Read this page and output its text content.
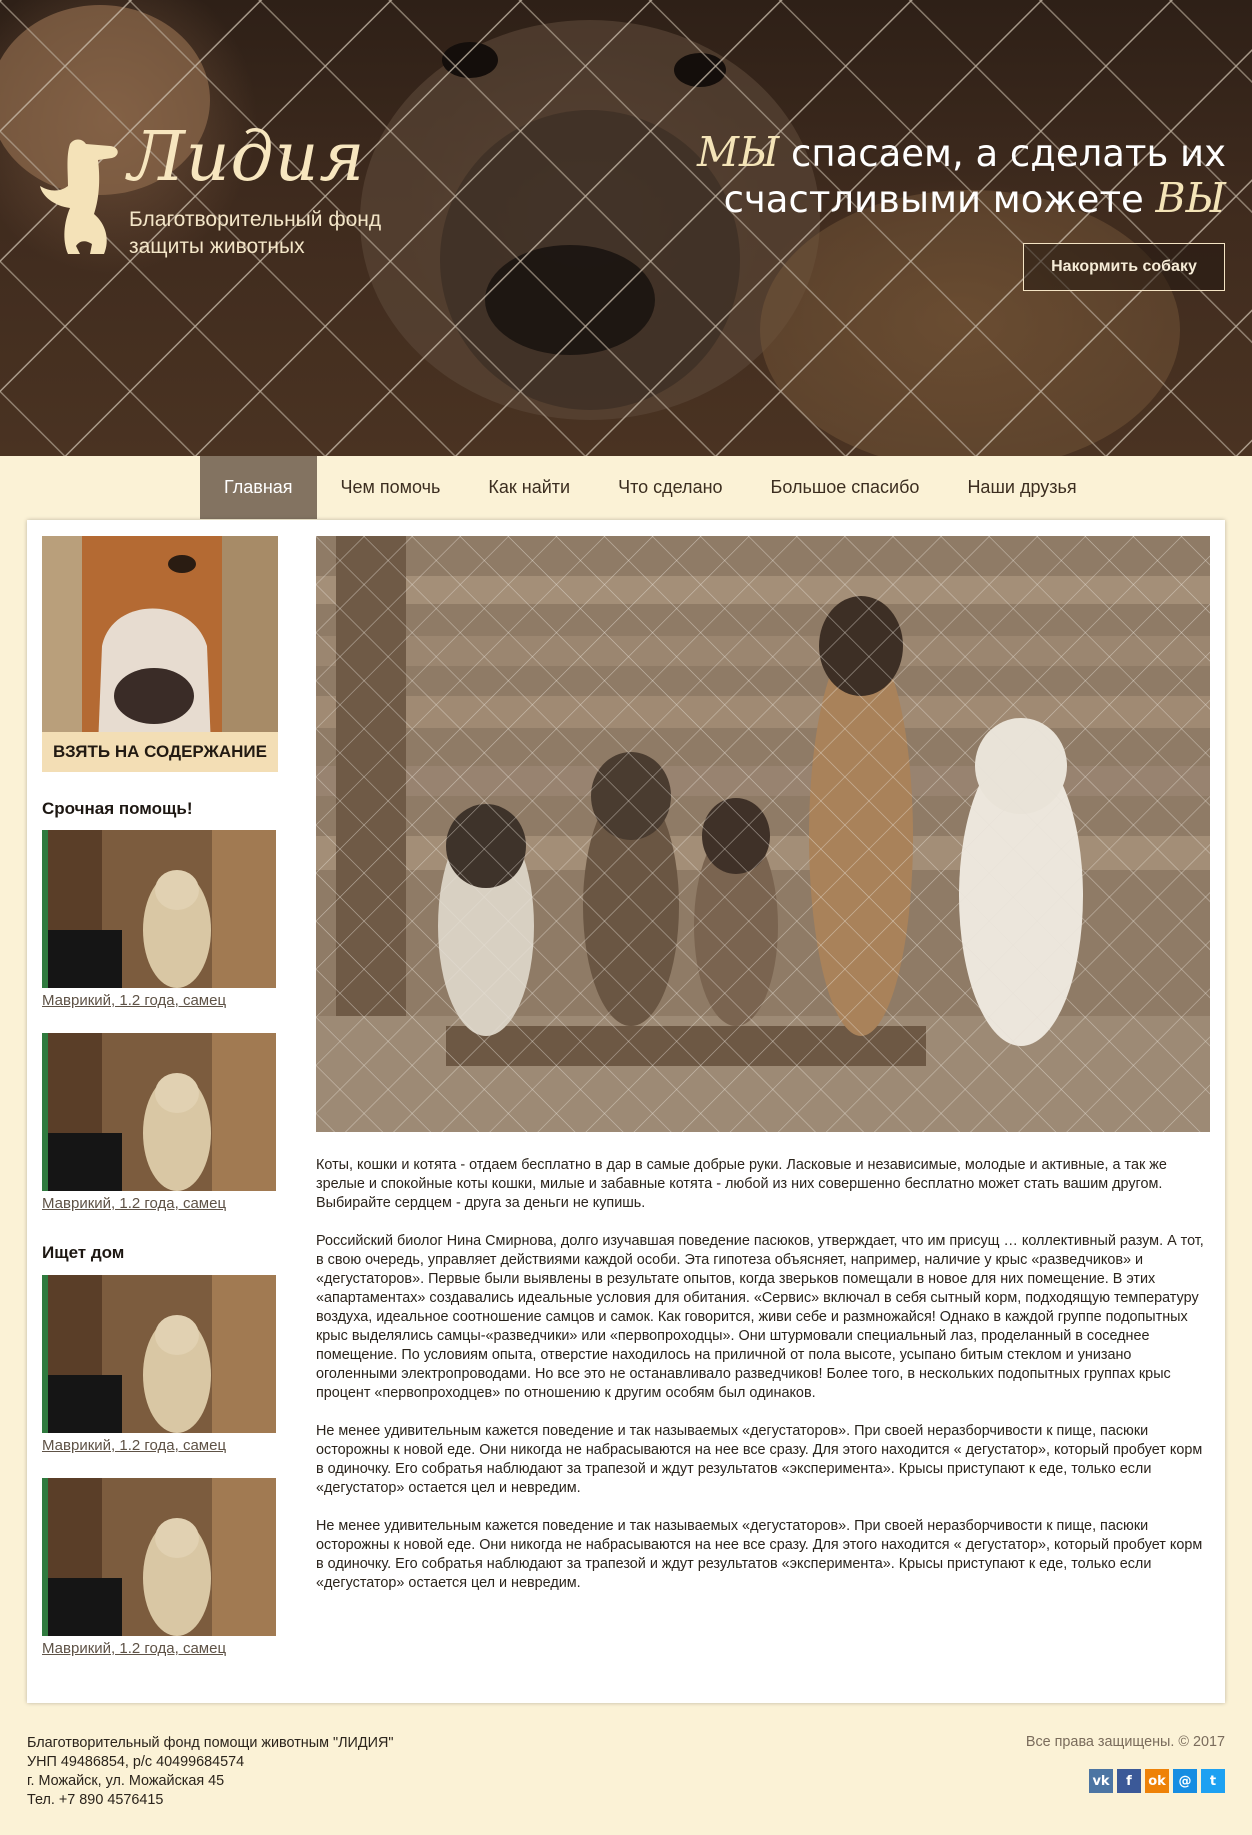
Лидия
Благотворительный фонд защиты животных
МЫ спасаем, а сделать их счастливыми можете ВЫ
Накормить собаку
Главная	Чем помочь	Как найти	Что сделано	Большое спасибо	Наши друзья
ВЗЯТЬ НА СОДЕРЖАНИЕ
Срочная помощь!
Маврикий, 1.2 года, самец
Маврикий, 1.2 года, самец
Ищет дом
Маврикий, 1.2 года, самец
Маврикий, 1.2 года, самец

Коты, кошки и котята - отдаем бесплатно в дар в самые добрые руки. Ласковые и независимые, молодые и активные, а так же зрелые и спокойные коты кошки, милые и забавные котята - любой из них совершенно бесплатно может стать вашим другом. Выбирайте сердцем - друга за деньги не купишь.

Российский биолог Нина Смирнова, долго изучавшая поведение пасюков, утверждает, что им присущ … коллективный разум. А тот, в свою очередь, управляет действиями каждой особи. Эта гипотеза объясняет, например, наличие у крыс «разведчиков» и «дегустаторов». Первые были выявлены в результате опытов, когда зверьков помещали в новое для них помещение. В этих «апартаментах» создавались идеальные условия для обитания. «Сервис» включал в себя сытный корм, подходящую температуру воздуха, идеальное соотношение самцов и самок. Как говорится, живи себе и размножайся! Однако в каждой группе подопытных крыс выделялись самцы-«разведчики» или «первопроходцы». Они штурмовали специальный лаз, проделанный в соседнее помещение. По условиям опыта, отверстие находилось на приличной от пола высоте, усыпано битым стеклом и унизано оголенными электропроводами. Но все это не останавливало разведчиков! Более того, в нескольких подопытных группах крыс процент «первопроходцев» по отношению к другим особям был одинаков.

Не менее удивительным кажется поведение и так называемых «дегустаторов». При своей неразборчивости к пище, пасюки осторожны к новой еде. Они никогда не набрасываются на нее все сразу. Для этого находится « дегустатор», который пробует корм в одиночку. Его собратья наблюдают за трапезой и ждут результатов «эксперимента». Крысы приступают к еде, только если «дегустатор» остается цел и невредим.

Не менее удивительным кажется поведение и так называемых «дегустаторов». При своей неразборчивости к пище, пасюки осторожны к новой еде. Они никогда не набрасываются на нее все сразу. Для этого находится « дегустатор», который пробует корм в одиночку. Его собратья наблюдают за трапезой и ждут результатов «эксперимента». Крысы приступают к еде, только если «дегустатор» остается цел и невредим.

Благотворительный фонд помощи животным "ЛИДИЯ"
УНП 49486854, р/с 40499684574
г. Можайск, ул. Можайская 45
Тел. +7 890 4576415
Все права защищены. © 2017
vk	f	ok @	t
